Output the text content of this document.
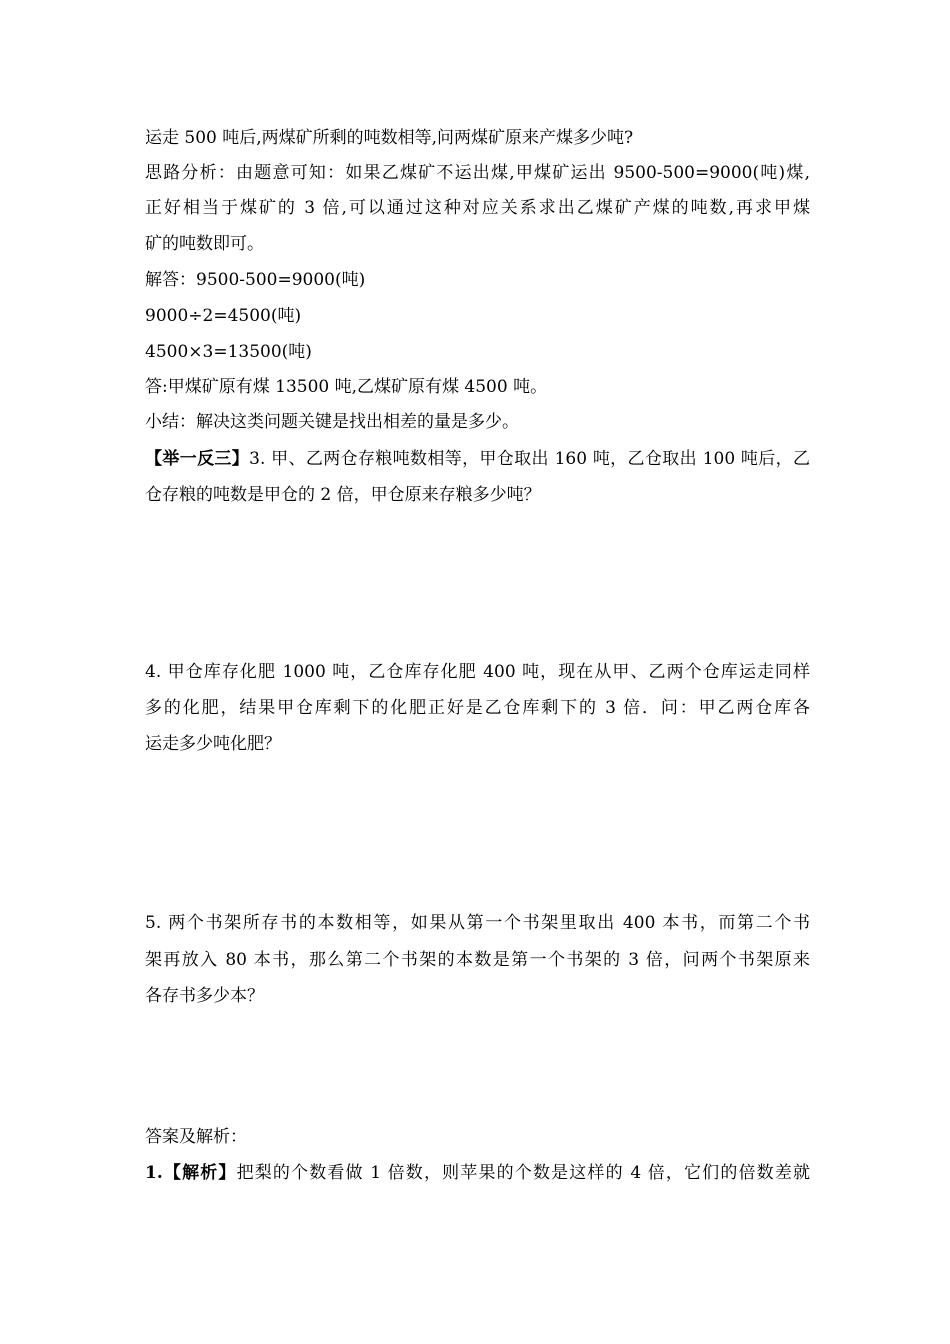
运走 500 吨后,两煤矿所剩的吨数相等,问两煤矿原来产煤多少吨?
思路分析：由题意可知：如果乙煤矿不运出煤,甲煤矿运出 9500-500=9000(吨)煤,
正好相当于煤矿的 3 倍,可以通过这种对应关系求出乙煤矿产煤的吨数,再求甲煤
矿的吨数即可。
解答：9500-500=9000(吨)
9000÷2=4500(吨)
4500×3=13500(吨)
答:甲煤矿原有煤 13500 吨,乙煤矿原有煤 4500 吨。
小结：解决这类问题关键是找出相差的量是多少。
【举一反三】3. 甲、乙两仓存粮吨数相等，甲仓取出 160 吨，乙仓取出 100 吨后，乙
仓存粮的吨数是甲仓的 2 倍，甲仓原来存粮多少吨？
4. 甲仓库存化肥 1000 吨，乙仓库存化肥 400 吨，现在从甲、乙两个仓库运走同样
多的化肥，结果甲仓库剩下的化肥正好是乙仓库剩下的 3 倍．问：甲乙两仓库各
运走多少吨化肥？
5. 两个书架所存书的本数相等，如果从第一个书架里取出 400 本书，而第二个书
架再放入 80 本书，那么第二个书架的本数是第一个书架的 3 倍，问两个书架原来
各存书多少本？
答案及解析：
1.【解析】把梨的个数看做 1 倍数，则苹果的个数是这样的 4 倍，它们的倍数差就
